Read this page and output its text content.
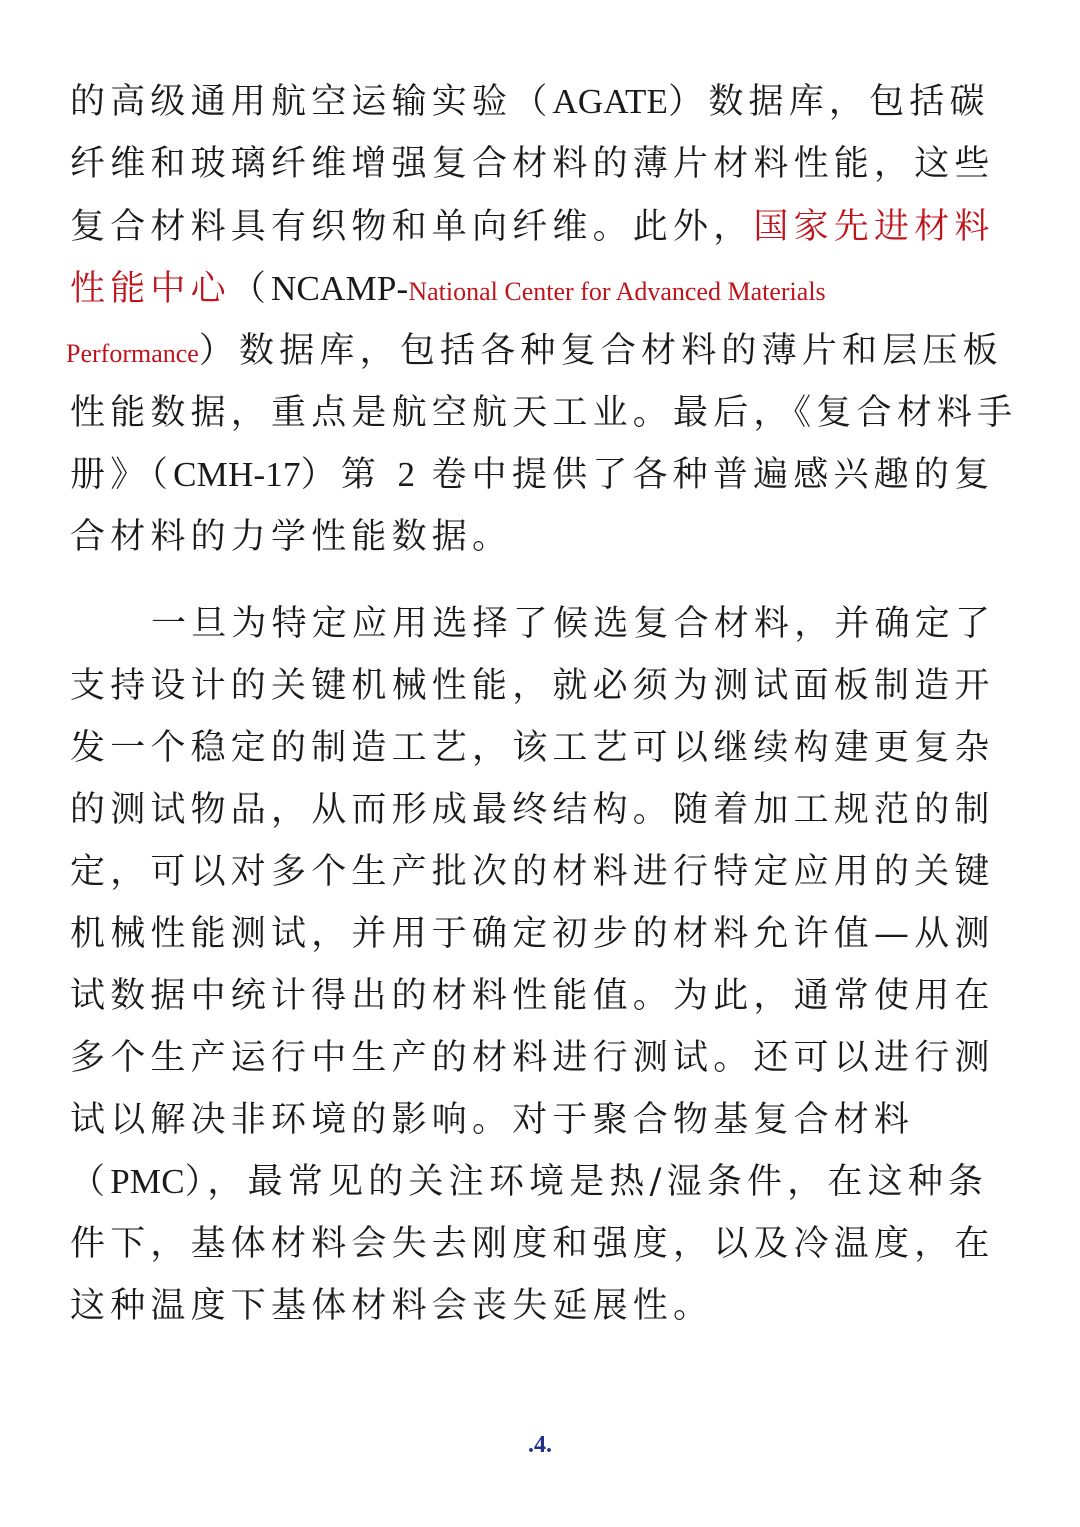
的高级通用航空运输实验（AGATE）数据库，包括碳
纤维和玻璃纤维增强复合材料的薄片材料性能，这些
复合材料具有织物和单向纤维。此外，国家先进材料
性能中心（NCAMP-National Center for Advanced Materials
Performance）数据库，包括各种复合材料的薄片和层压板
性能数据，重点是航空航天工业。最后，《复合材料手
册》（CMH-17）第 2 卷中提供了各种普遍感兴趣的复
合材料的力学性能数据。
一旦为特定应用选择了候选复合材料，并确定了
支持设计的关键机械性能，就必须为测试面板制造开
发一个稳定的制造工艺，该工艺可以继续构建更复杂
的测试物品，从而形成最终结构。随着加工规范的制
定，可以对多个生产批次的材料进行特定应用的关键
机械性能测试，并用于确定初步的材料允许值—从测
试数据中统计得出的材料性能值。为此，通常使用在
多个生产运行中生产的材料进行测试。还可以进行测
试以解决非环境的影响。对于聚合物基复合材料
（PMC），最常见的关注环境是热/湿条件，在这种条
件下，基体材料会失去刚度和强度，以及冷温度，在
这种温度下基体材料会丧失延展性。
.4.
